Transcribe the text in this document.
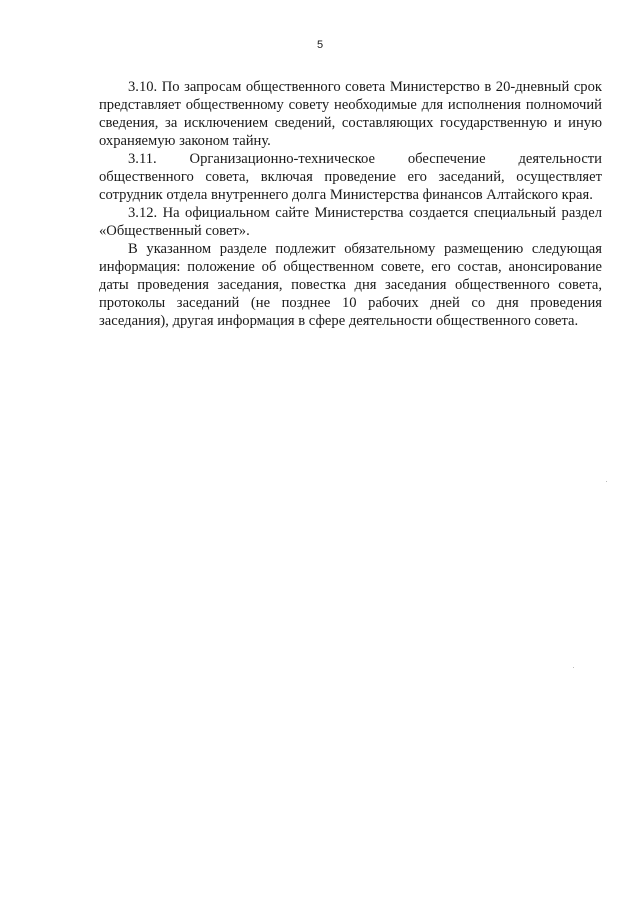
5

3.10. По запросам общественного совета Министерство в 20-дневный срок представляет общественному совету необходимые для исполнения полномочий сведения, за исключением сведений, составляющих государственную и иную охраняемую законом тайну.

3.11. Организационно-техническое обеспечение деятельности общественного совета, включая проведение его заседаний, осуществляет сотрудник отдела внутреннего долга Министерства финансов Алтайского края.

3.12. На официальном сайте Министерства создается специальный раздел «Общественный совет».

В указанном разделе подлежит обязательному размещению следующая информация: положение об общественном совете, его состав, анонсирование даты проведения заседания, повестка дня заседания общественного совета, протоколы заседаний (не позднее 10 рабочих дней со дня проведения заседания), другая информация в сфере деятельности общественного совета.
